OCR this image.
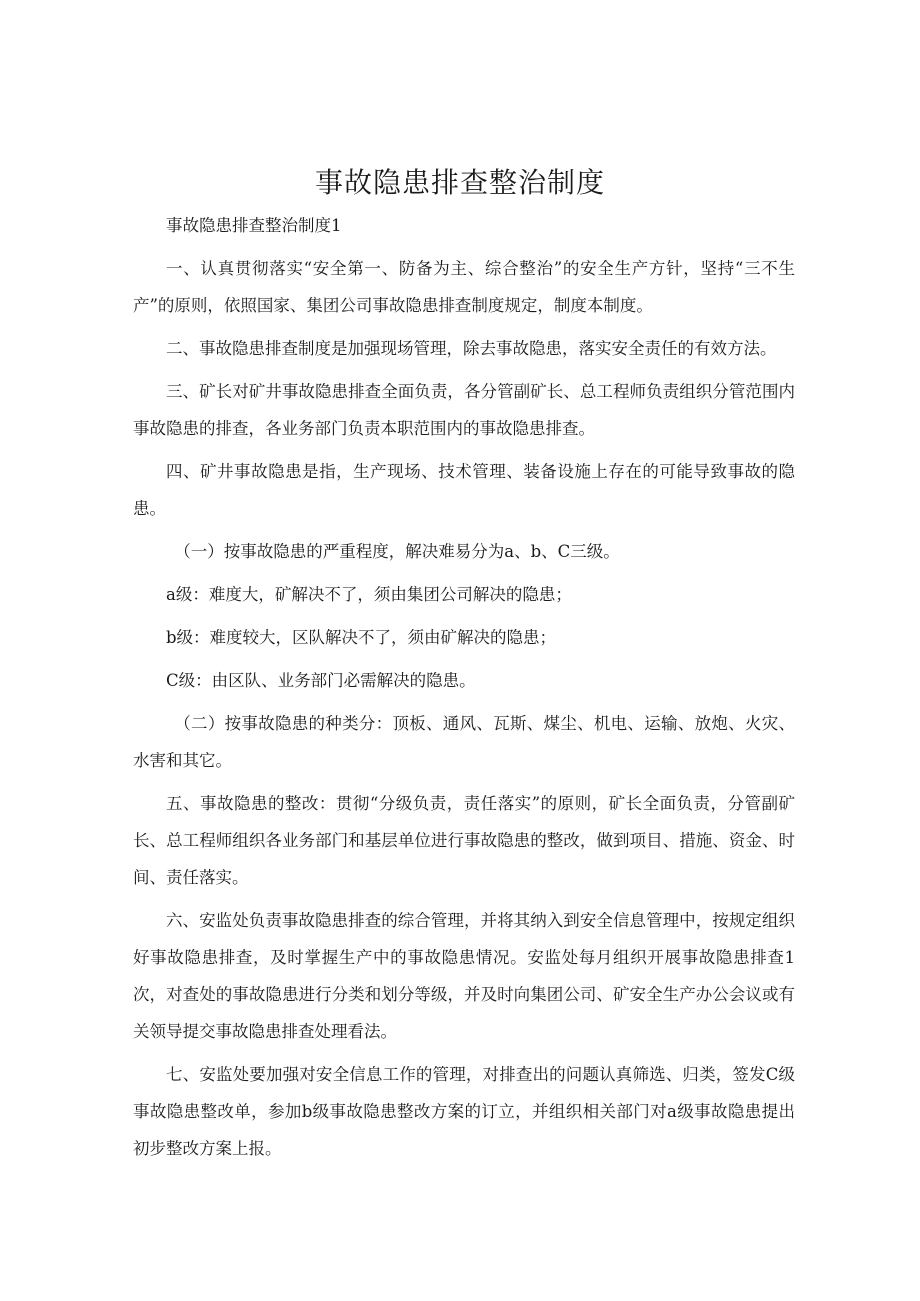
事故隐患排查整治制度

事故隐患排查整治制度1

一、认真贯彻落实“安全第一、防备为主、综合整治”的安全生产方针，坚持“三不生产”的原则，依照国家、集团公司事故隐患排查制度规定，制度本制度。

二、事故隐患排查制度是加强现场管理，除去事故隐患，落实安全责任的有效方法。

三、矿长对矿井事故隐患排查全面负责，各分管副矿长、总工程师负责组织分管范围内事故隐患的排查，各业务部门负责本职范围内的事故隐患排查。

四、矿井事故隐患是指，生产现场、技术管理、装备设施上存在的可能导致事故的隐患。

（一）按事故隐患的严重程度，解决难易分为a、b、C三级。

a级：难度大，矿解决不了，须由集团公司解决的隐患；

b级：难度较大，区队解决不了，须由矿解决的隐患；

C级：由区队、业务部门必需解决的隐患。

（二）按事故隐患的种类分：顶板、通风、瓦斯、煤尘、机电、运输、放炮、火灾、水害和其它。

五、事故隐患的整改：贯彻“分级负责，责任落实”的原则，矿长全面负责，分管副矿长、总工程师组织各业务部门和基层单位进行事故隐患的整改，做到项目、措施、资金、时间、责任落实。

六、安监处负责事故隐患排查的综合管理，并将其纳入到安全信息管理中，按规定组织好事故隐患排查，及时掌握生产中的事故隐患情况。安监处每月组织开展事故隐患排查1次，对查处的事故隐患进行分类和划分等级，并及时向集团公司、矿安全生产办公会议或有关领导提交事故隐患排查处理看法。

七、安监处要加强对安全信息工作的管理，对排查出的问题认真筛选、归类，签发C级事故隐患整改单，参加b级事故隐患整改方案的订立，并组织相关部门对a级事故隐患提出初步整改方案上报。
